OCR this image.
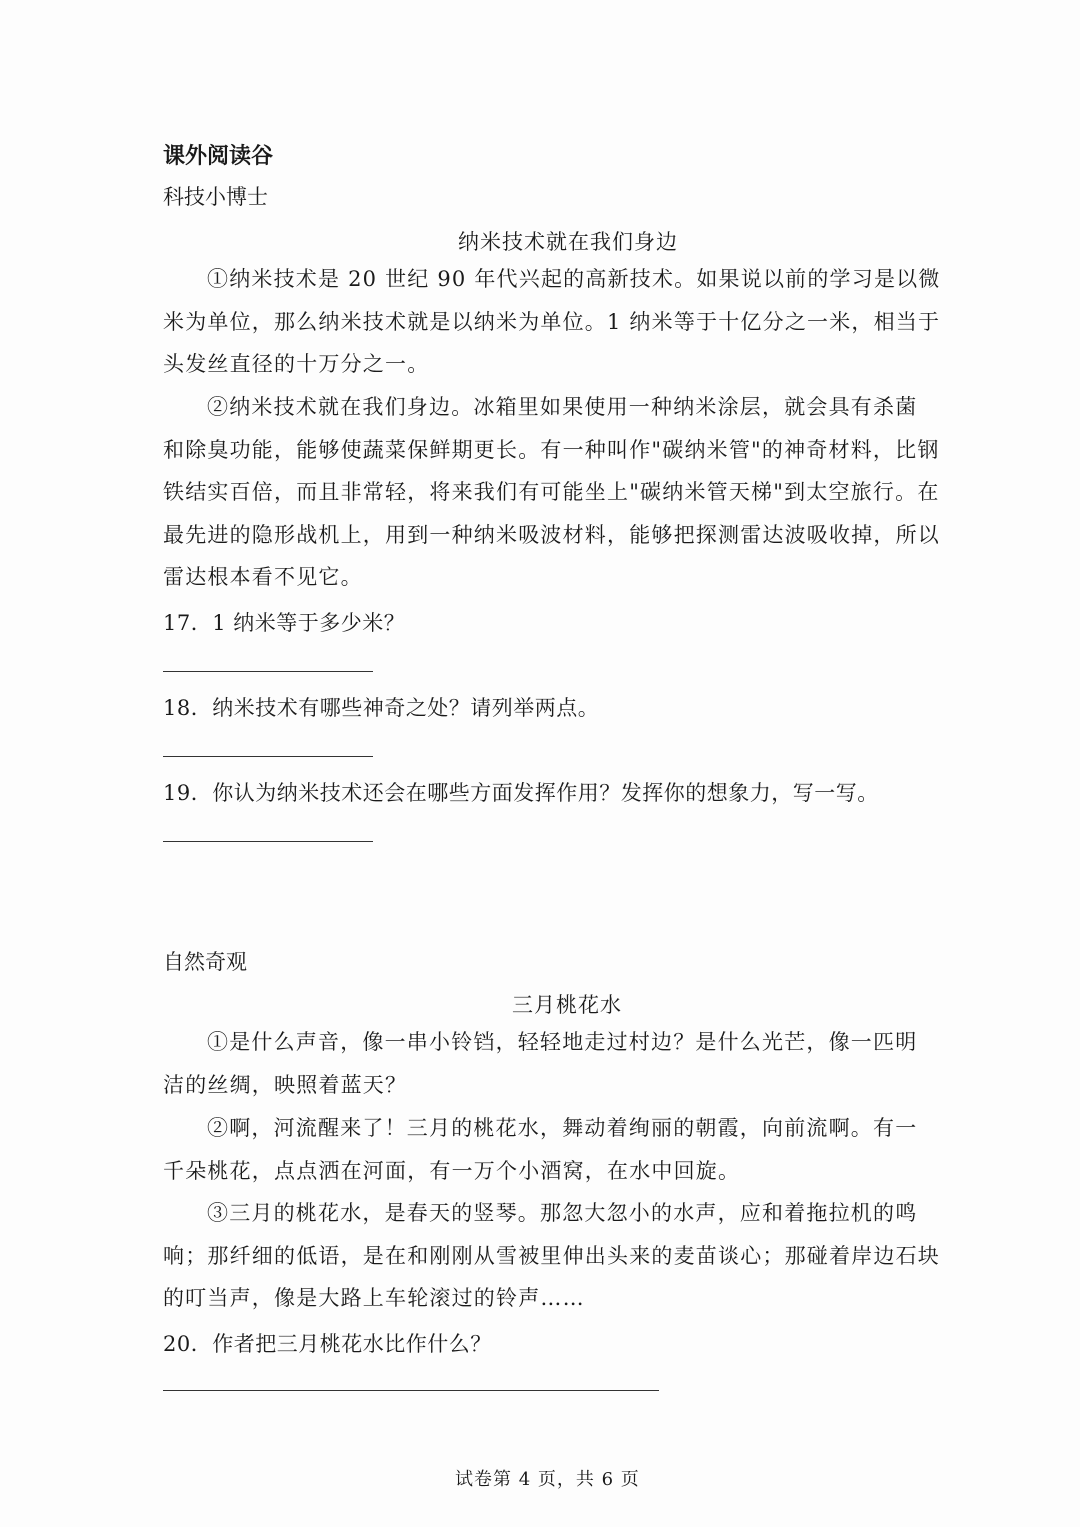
课外阅读谷
科技小博士
纳米技术就在我们身边
①纳米技术是 20 世纪 90 年代兴起的高新技术。如果说以前的学习是以微
米为单位，那么纳米技术就是以纳米为单位。1 纳米等于十亿分之一米，相当于
头发丝直径的十万分之一。
②纳米技术就在我们身边。冰箱里如果使用一种纳米涂层，就会具有杀菌
和除臭功能，能够使蔬菜保鲜期更长。有一种叫作"碳纳米管"的神奇材料，比钢
铁结实百倍，而且非常轻，将来我们有可能坐上"碳纳米管天梯"到太空旅行。在
最先进的隐形战机上，用到一种纳米吸波材料，能够把探测雷达波吸收掉，所以
雷达根本看不见它。
17．1 纳米等于多少米？
18．纳米技术有哪些神奇之处？请列举两点。
19．你认为纳米技术还会在哪些方面发挥作用？发挥你的想象力，写一写。
自然奇观
三月桃花水
①是什么声音，像一串小铃铛，轻轻地走过村边？是什么光芒，像一匹明
洁的丝绸，映照着蓝天？
②啊，河流醒来了！三月的桃花水，舞动着绚丽的朝霞，向前流啊。有一
千朵桃花，点点洒在河面，有一万个小酒窝，在水中回旋。
③三月的桃花水，是春天的竖琴。那忽大忽小的水声，应和着拖拉机的鸣
响；那纤细的低语，是在和刚刚从雪被里伸出头来的麦苗谈心；那碰着岸边石块
的叮当声，像是大路上车轮滚过的铃声……
20．作者把三月桃花水比作什么？
试卷第 4 页，共 6 页
